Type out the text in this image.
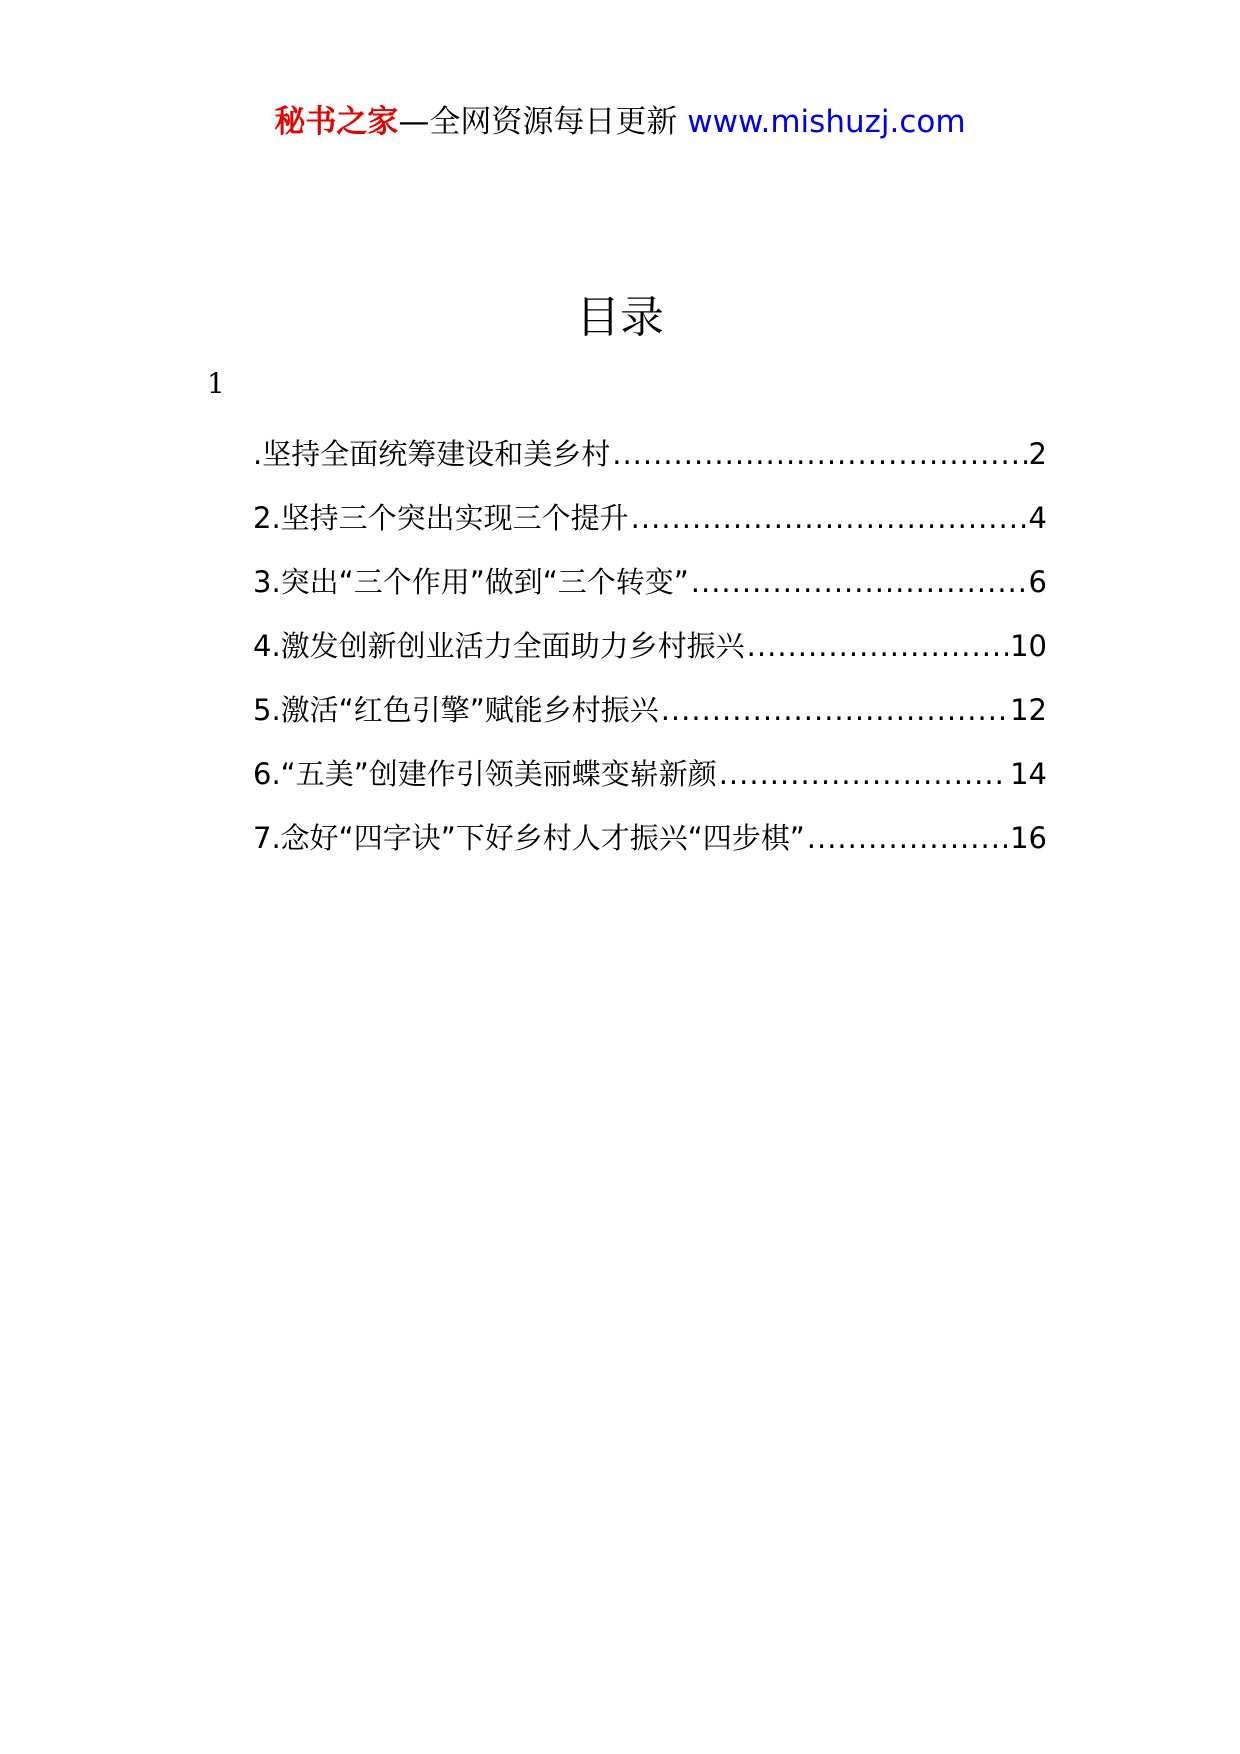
秘书之家—全网资源每日更新 www.mishuzj.com
目录
1
.坚持全面统筹建设和美乡村 .....	2
2.坚持三个突出实现三个提升 .....	4
3.突出“三个作用”做到“三个转变” .....	6
4.激发创新创业活力全面助力乡村振兴 .....	10
5.激活“红色引擎”赋能乡村振兴 .....	12
6.“五美”创建作引领美丽蝶变崭新颜 .....	14
7.念好“四字诀”下好乡村人才振兴“四步棋” .....	16
